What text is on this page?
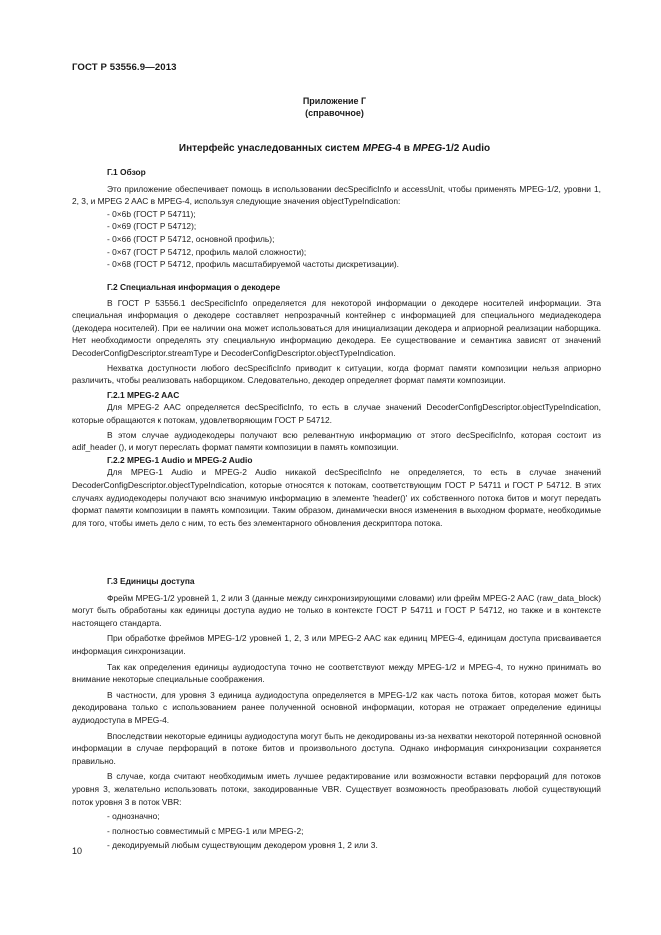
ГОСТ Р 53556.9—2013
Приложение Г
(справочное)
Интерфейс унаследованных систем MPEG-4 в MPEG-1/2 Audio
Г.1 Обзор
Это приложение обеспечивает помощь в использовании decSpecificInfo и accessUnit, чтобы применять MPEG-1/2, уровни 1, 2, 3, и MPEG 2 AAC в MPEG-4, используя следующие значения objectTypeIndication:
- 0×6b (ГОСТ Р 54711);
- 0×69 (ГОСТ Р 54712);
- 0×66 (ГОСТ Р 54712, основной профиль);
- 0×67 (ГОСТ Р 54712, профиль малой сложности);
- 0×68 (ГОСТ Р 54712, профиль масштабируемой частоты дискретизации).
Г.2 Специальная информация о декодере
В ГОСТ Р 53556.1 decSpecificInfo определяется для некоторой информации о декодере носителей информации. Эта специальная информация о декодере составляет непрозрачный контейнер с информацией для специального медиадекодера (декодера носителей). При ее наличии она может использоваться для инициализации декодера и априорной реализации наборщика. Нет необходимости определять эту специальную информацию декодера. Ее существование и семантика зависят от значений DecoderConfigDescriptor.streamType и DecoderConfigDescriptor.objectTypeIndication.
Нехватка доступности любого decSpecificInfo приводит к ситуации, когда формат памяти композиции нельзя априорно различить, чтобы реализовать наборщиком. Следовательно, декодер определяет формат памяти композиции.
Г.2.1 MPEG-2 AAC
Для MPEG-2 AAC определяется decSpecificInfo, то есть в случае значений DecoderConfigDescriptor.objectTypeIndication, которые обращаются к потокам, удовлетворяющим ГОСТ Р 54712.
В этом случае аудиодекодеры получают всю релевантную информацию от этого decSpecificInfo, которая состоит из adif_header (), и могут переслать формат памяти композиции в память композиции.
Г.2.2 MPEG-1 Audio и MPEG-2 Audio
Для MPEG-1 Audio и MPEG-2 Audio никакой decSpecificInfo не определяется, то есть в случае значений DecoderConfigDescriptor.objectTypeIndication, которые относятся к потокам, соответствующим ГОСТ Р 54711 и ГОСТ Р 54712. В этих случаях аудиодекодеры получают всю значимую информацию в элементе 'header()' их собственного потока битов и могут передать формат памяти композиции в память композиции. Таким образом, динамически внося изменения в выходном формате, необходимые для того, чтобы иметь дело с ним, то есть без элементарного обновления дескриптора потока.
Г.3 Единицы доступа
Фрейм MPEG-1/2 уровней 1, 2 или 3 (данные между синхронизирующими словами) или фрейм MPEG-2 AAC (raw_data_block) могут быть обработаны как единицы доступа аудио не только в контексте ГОСТ Р 54711 и ГОСТ Р 54712, но также и в контексте настоящего стандарта.
При обработке фреймов MPEG-1/2 уровней 1, 2, 3 или MPEG-2 AAC как единиц MPEG-4, единицам доступа присваивается информация синхронизации.
Так как определения единицы аудиодоступа точно не соответствуют между MPEG-1/2 и MPEG-4, то нужно принимать во внимание некоторые специальные соображения.
В частности, для уровня 3 единица аудиодоступа определяется в MPEG-1/2 как часть потока битов, которая может быть декодирована только с использованием ранее полученной основной информации, которая не отражает определение единицы аудиодоступа в MPEG-4.
Впоследствии некоторые единицы аудиодоступа могут быть не декодированы из-за нехватки некоторой потерянной основной информации в случае перфораций в потоке битов и произвольного доступа. Однако информация синхронизации сохраняется правильно.
В случае, когда считают необходимым иметь лучшее редактирование или возможности вставки перфораций для потоков уровня 3, желательно использовать потоки, закодированные VBR. Существует возможность преобразовать любой существующий поток уровня 3 в поток VBR:
- однозначно;
- полностью совместимый с MPEG-1 или MPEG-2;
- декодируемый любым существующим декодером уровня 1, 2 или 3.
10
